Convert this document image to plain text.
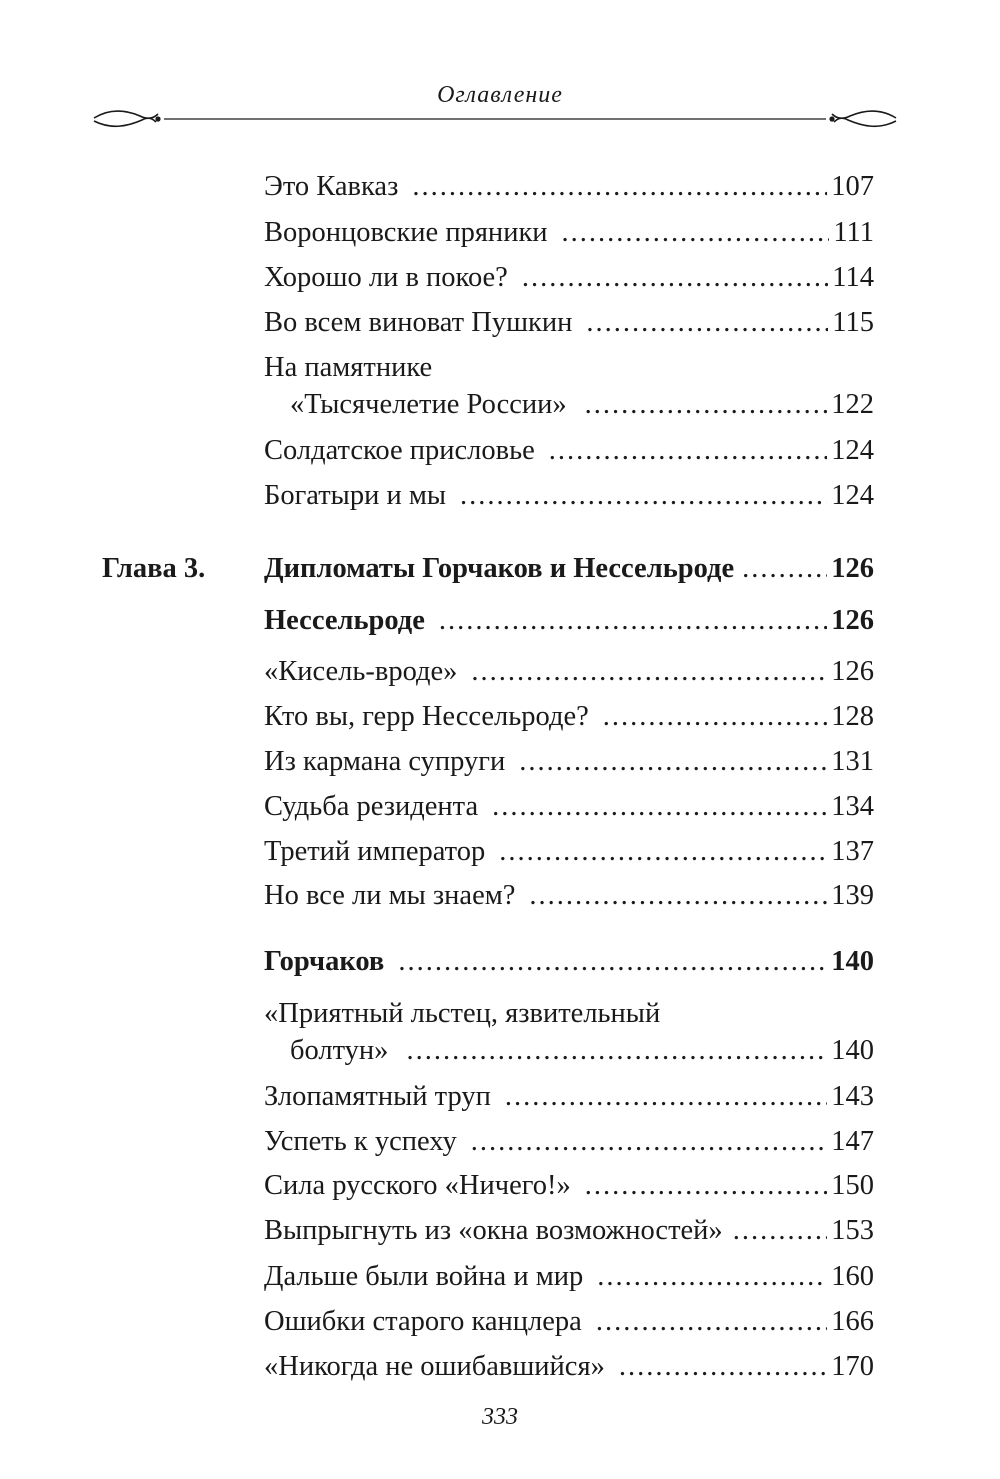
Оглавление
Это Кавказ .....	107
Воронцовские пряники .....	111
Хорошо ли в покое? .....	114
Во всем виноват Пушкин .....	115
На памятнике
«Тысячелетие России» .....	122
Солдатское присловье .....	124
Богатыри и мы .....	124
Глава 3. Дипломаты Горчаков и Нессельроде .....	126
Нессельроде .....	126
«Кисель-вроде» .....	126
Кто вы, герр Нессельроде? .....	128
Из кармана супруги .....	131
Судьба резидента .....	134
Третий император .....	137
Но все ли мы знаем? .....	139
Горчаков .....	140
«Приятный льстец, язвительный
болтун» .....	140
Злопамятный труп .....	143
Успеть к успеху .....	147
Сила русского «Ничего!» .....	150
Выпрыгнуть из «окна возможностей» .....	153
Дальше были война и мир .....	160
Ошибки старого канцлера .....	166
«Никогда не ошибавшийся» .....	170
333
